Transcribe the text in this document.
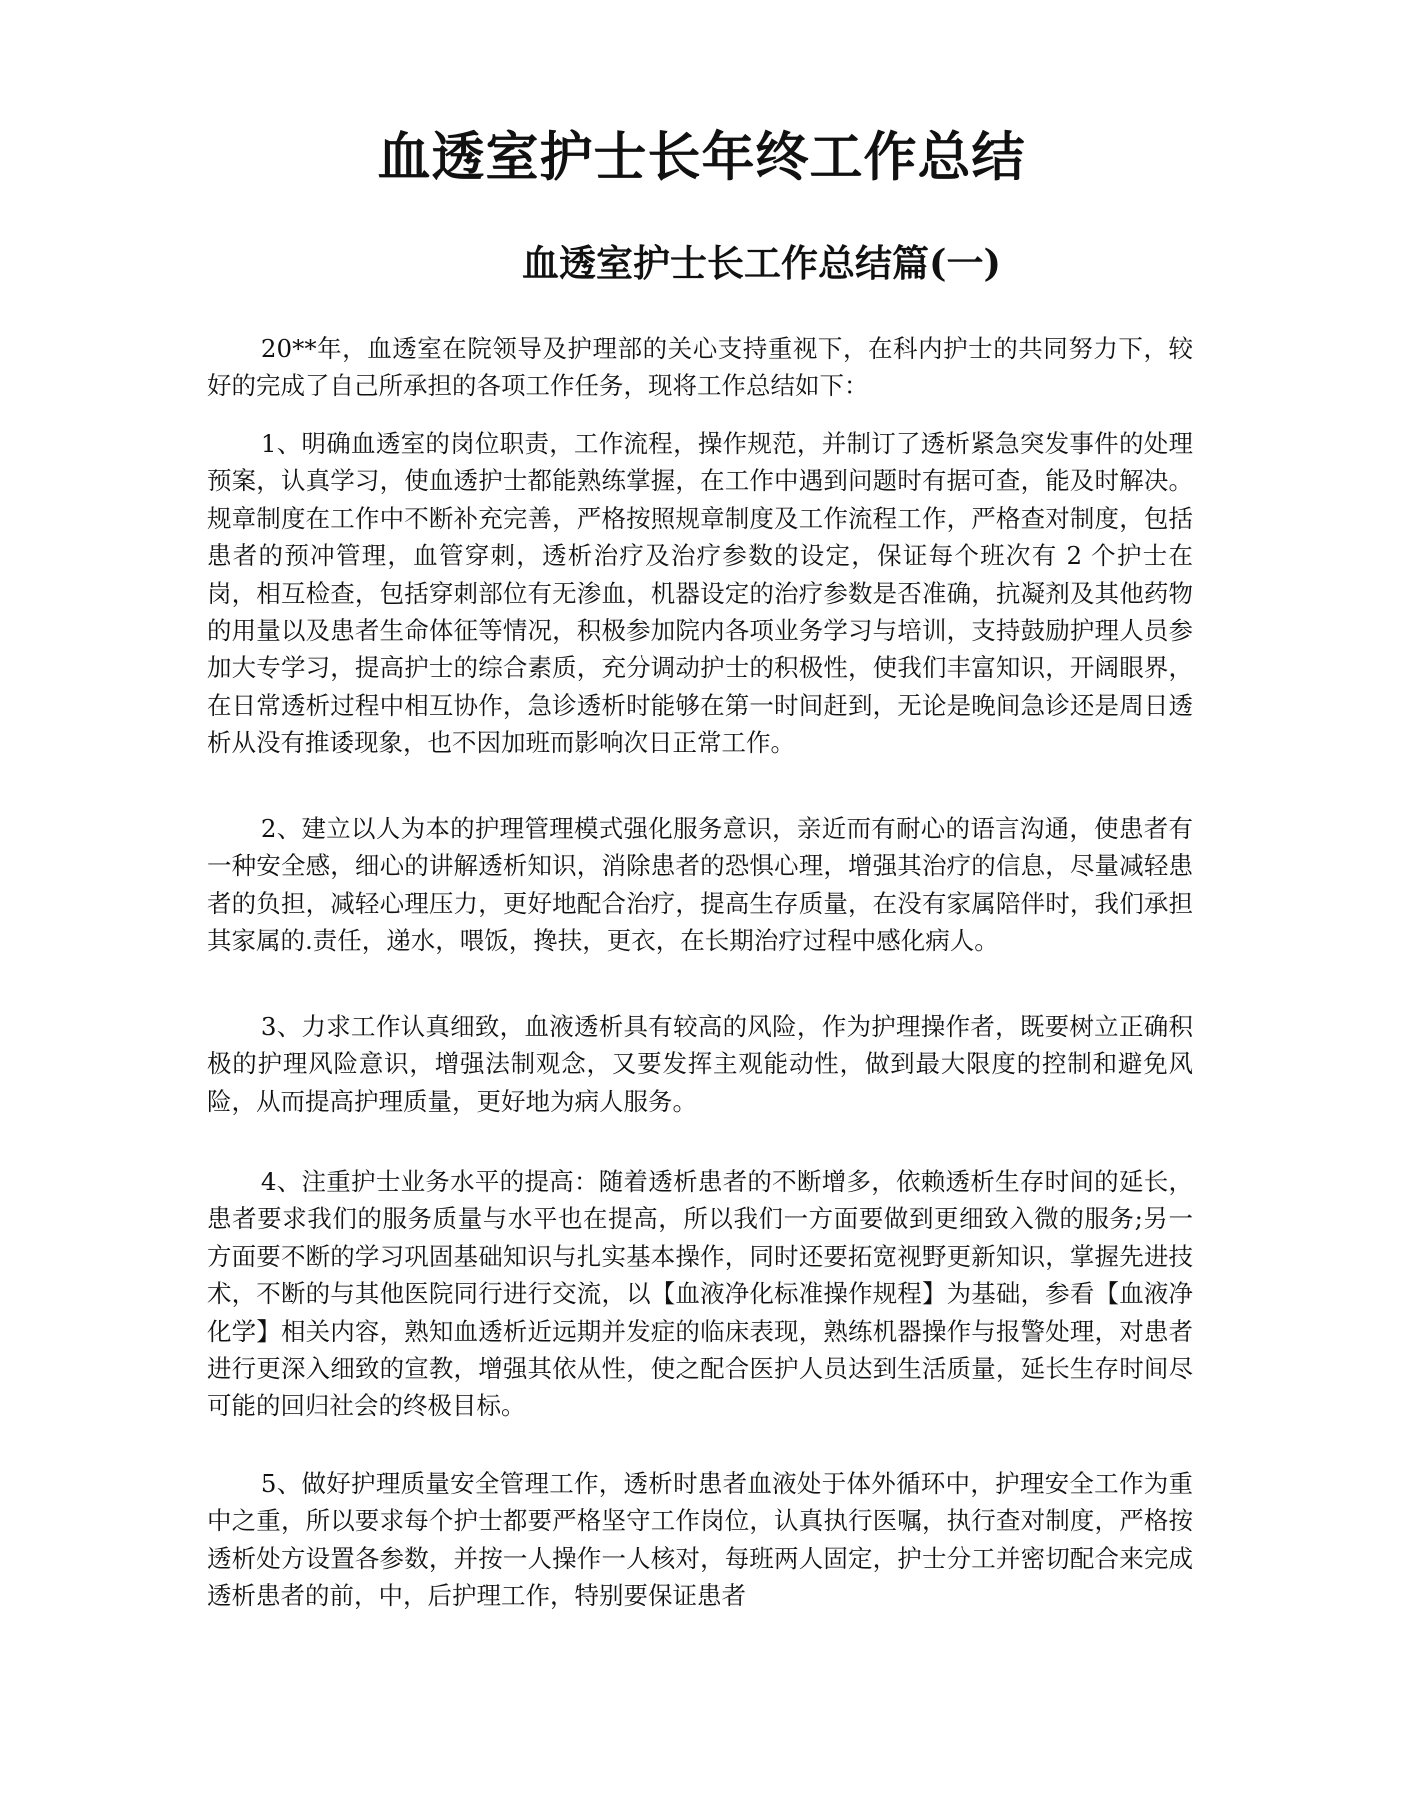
血透室护士长年终工作总结
血透室护士长工作总结篇(一)

20**年，血透室在院领导及护理部的关心支持重视下，在科内护士的共同努力下，较好的完成了自己所承担的各项工作任务，现将工作总结如下：

1、明确血透室的岗位职责，工作流程，操作规范，并制订了透析紧急突发事件的处理预案，认真学习，使血透护士都能熟练掌握，在工作中遇到问题时有据可查，能及时解决。规章制度在工作中不断补充完善，严格按照规章制度及工作流程工作，严格查对制度，包括患者的预冲管理，血管穿刺，透析治疗及治疗参数的设定，保证每个班次有 2 个护士在岗，相互检查，包括穿刺部位有无渗血，机器设定的治疗参数是否准确，抗凝剂及其他药物的用量以及患者生命体征等情况，积极参加院内各项业务学习与培训，支持鼓励护理人员参加大专学习，提高护士的综合素质，充分调动护士的积极性，使我们丰富知识，开阔眼界，在日常透析过程中相互协作，急诊透析时能够在第一时间赶到，无论是晚间急诊还是周日透析从没有推诿现象，也不因加班而影响次日正常工作。

2、建立以人为本的护理管理模式强化服务意识，亲近而有耐心的语言沟通，使患者有一种安全感，细心的讲解透析知识，消除患者的恐惧心理，增强其治疗的信息，尽量减轻患者的负担，减轻心理压力，更好地配合治疗，提高生存质量，在没有家属陪伴时，我们承担其家属的.责任，递水，喂饭，搀扶，更衣，在长期治疗过程中感化病人。

3、力求工作认真细致，血液透析具有较高的风险，作为护理操作者，既要树立正确积极的护理风险意识，增强法制观念，又要发挥主观能动性，做到最大限度的控制和避免风险，从而提高护理质量，更好地为病人服务。

4、注重护士业务水平的提高：随着透析患者的不断增多，依赖透析生存时间的延长，患者要求我们的服务质量与水平也在提高，所以我们一方面要做到更细致入微的服务;另一方面要不断的学习巩固基础知识与扎实基本操作，同时还要拓宽视野更新知识，掌握先进技术，不断的与其他医院同行进行交流，以【血液净化标准操作规程】为基础，参看【血液净化学】相关内容，熟知血透析近远期并发症的临床表现，熟练机器操作与报警处理，对患者进行更深入细致的宣教，增强其依从性，使之配合医护人员达到生活质量，延长生存时间尽可能的回归社会的终极目标。

5、做好护理质量安全管理工作，透析时患者血液处于体外循环中，护理安全工作为重中之重，所以要求每个护士都要严格坚守工作岗位，认真执行医嘱，执行查对制度，严格按透析处方设置各参数，并按一人操作一人核对，每班两人固定，护士分工并密切配合来完成透析患者的前，中，后护理工作，特别要保证患者
